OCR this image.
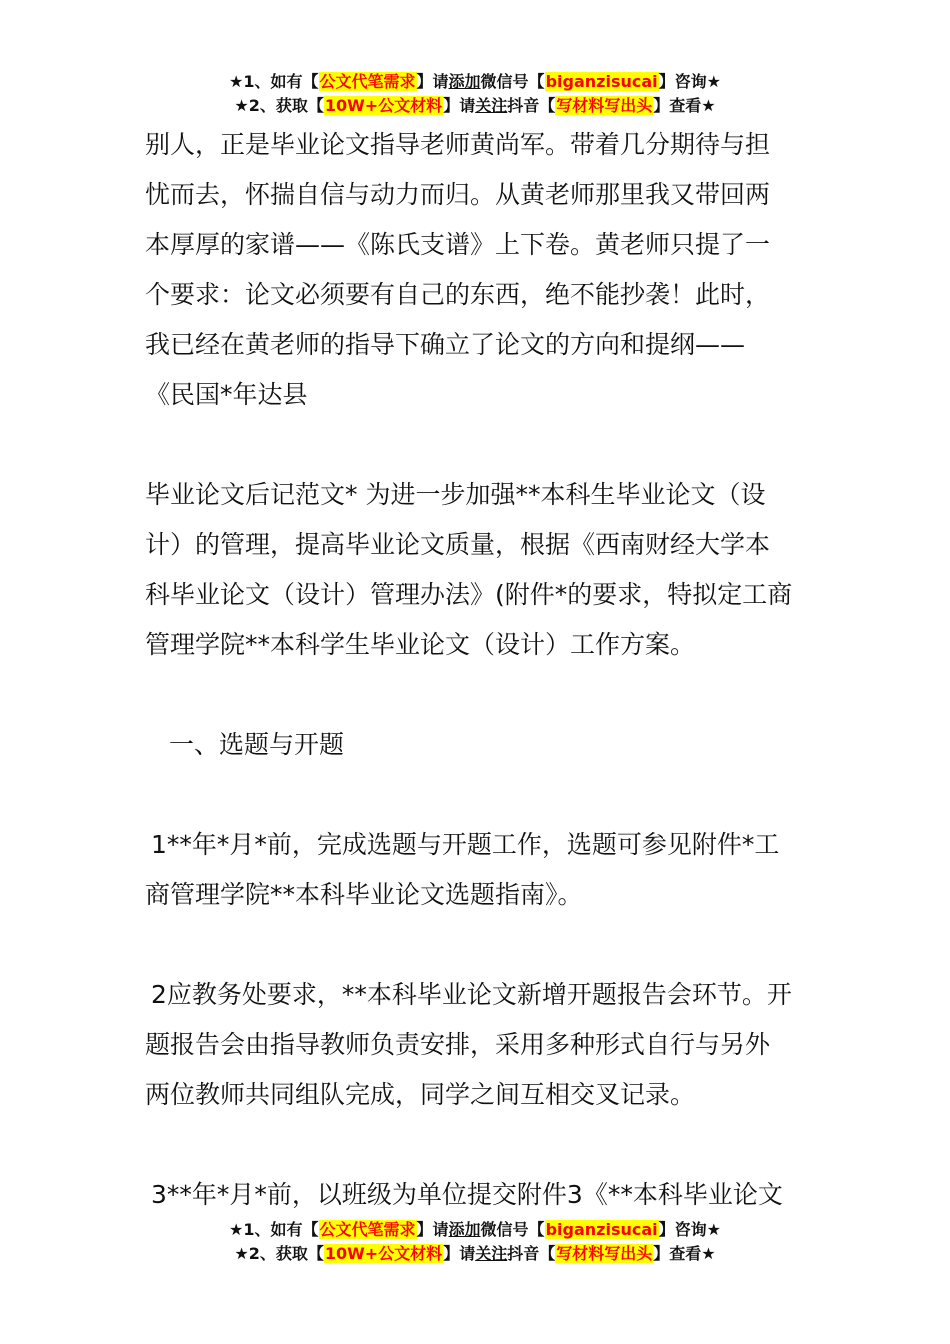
★1、如有【公文代笔需求】请添加微信号【biganzisucai】咨询★
★2、获取【10W+公文材料】请关注抖音【写材料写出头】查看★
别人，正是毕业论文指导老师黄尚军。带着几分期待与担
忧而去，怀揣自信与动力而归。从黄老师那里我又带回两
本厚厚的家谱——《陈氏支谱》上下卷。黄老师只提了一
个要求：论文必须要有自己的东西，绝不能抄袭！此时，
我已经在黄老师的指导下确立了论文的方向和提纲——
《民国*年达县
毕业论文后记范文* 为进一步加强**本科生毕业论文（设
计）的管理，提高毕业论文质量，根据《西南财经大学本
科毕业论文（设计）管理办法》(附件*的要求，特拟定工商
管理学院**本科学生毕业论文（设计）工作方案。
一、选题与开题
1**年*月*前，完成选题与开题工作，选题可参见附件*工
商管理学院**本科毕业论文选题指南》。
2应教务处要求，**本科毕业论文新增开题报告会环节。开
题报告会由指导教师负责安排，采用多种形式自行与另外
两位教师共同组队完成，同学之间互相交叉记录。
3**年*月*前，以班级为单位提交附件3《**本科毕业论文
★1、如有【公文代笔需求】请添加微信号【biganzisucai】咨询★
★2、获取【10W+公文材料】请关注抖音【写材料写出头】查看★
